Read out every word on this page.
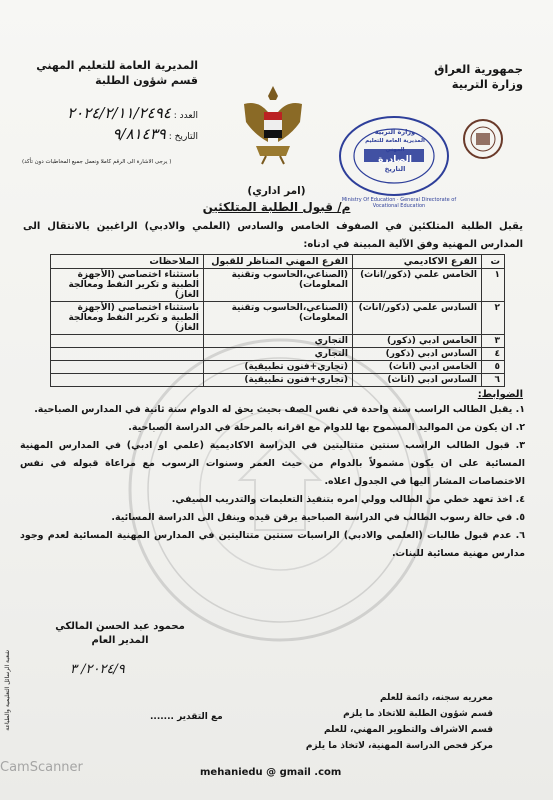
جمهورية العراق
وزارة التربية
المديرية العامة للتعليم المهني
قسم شؤون الطلبة
العدد : ٢٠٢٤/٢/١١/٢٤٩٤
التاريخ : ٩/٨١٤٣٩
( يرجى الاشارة الى الرقم كاملا ونعمل جميع المخاطبات دون تأكد)
وزارة التربية
المديرية العامة للتعليم المهني
الصادرة
التاريخ
Ministry Of Education · General Directorate of Vocational Education
(امر اداري)
م/ قبول الطلبة المتلكئين
يقبل الطلبة المتلكئين في الصفوف الخامس والسادس (العلمي والادبي) الراغبين بالانتقال الى المدارس المهنية وفق الآلية المبينة في ادناه:
ت	الفرع الاكاديمي	الفرع المهني المناظر للقبول	الملاحظات
١	الخامس علمي (ذكور/اناث)	(الصناعي،الحاسوب وتقنية المعلومات)	باستثناء اختصاصي (الأجهزة الطبية و تكرير النفط ومعالجة الغاز)
٢	السادس علمي (ذكور/اناث)	(الصناعي،الحاسوب وتقنية المعلومات)	باستثناء اختصاصي (الأجهزة الطبية و تكرير النفط ومعالجة الغاز)
٣	الخامس ادبي (ذكور)	التجاري	
٤	السادس ادبي (ذكور)	التجاري	
٥	الخامس ادبي (اناث)	(تجاري+فنون تطبيقية)	
٦	السادس ادبي (اناث)	(تجاري+فنون تطبيقية)	
الضوابط:

١. يقبل الطالب الراسب سنة واحدة في نفس الصف بحيث يحق له الدوام سنة ثانية في المدارس الصباحية.

٢. ان يكون من المواليد المسموح بها للدوام مع اقرانه بالمرحلة في الدراسة الصباحية.

٣. قبول الطالب الراسب سنتين متتاليتين في الدراسة الاكاديمية (علمي او ادبي) في المدارس المهنية المسائية على ان يكون مشمولاً بالدوام من حيث العمر وسنوات الرسوب مع مراعاة قبوله في نفس الاختصاصات المشار اليها في الجدول اعلاه.

٤. اخذ تعهد خطي من الطالب وولي امره بتنفيذ التعليمات والتدريب الصيفي.

٥. في حالة رسوب الطالب في الدراسة الصباحية يرقن قيده وينقل الى الدراسة المسائية.

٦. عدم قبول طالبات (العلمي والادبي) الراسبات سنتين متتاليتين في المدارس المهنية المسائية لعدم وجود مدارس مهنية مسائية للبنات.

محمود عبد الحسن المالكي
المدير العام
٢٠٢٤/٩/ ٣
معرريه سجنه، دائمة للعلم
قسم شؤون الطلبة للاتخاذ ما يلزم
قسم الاشراف والتطوير المهني، للعلم
مركز فحص الدراسة المهنية، لاتخاذ ما يلزم
مع التقدير .......
mehaniedu @ gmail .com
شعبة الرسائل التعليمية والطباعة
CamScanner
